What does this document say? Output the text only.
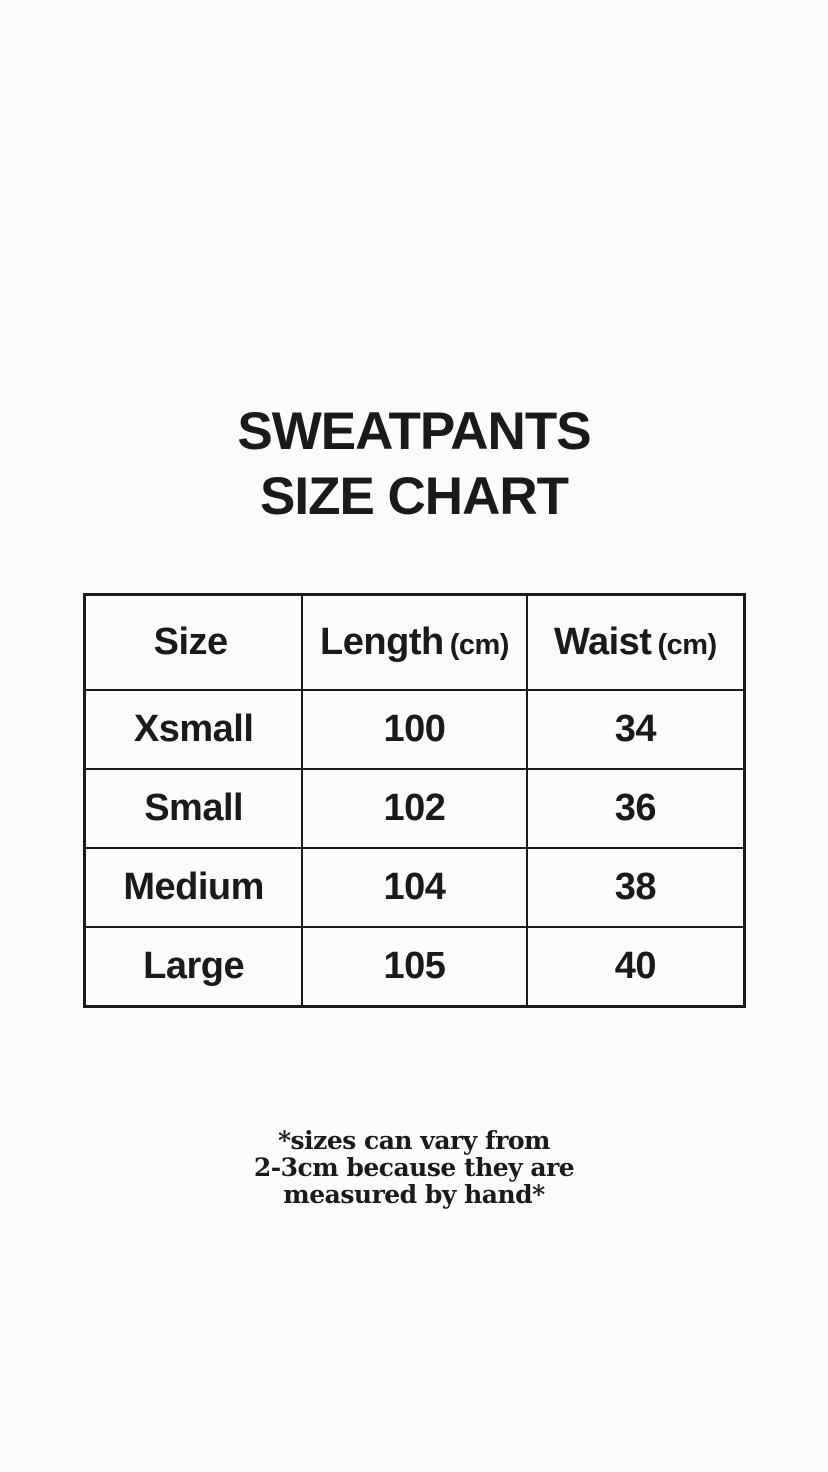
SWEATPANTS
SIZE CHART
Size	Length (cm)	Waist (cm)
Xsmall	100	34
Small	102	36
Medium	104	38
Large	105	40

*sizes can vary from
2-3cm because they are
measured by hand*
